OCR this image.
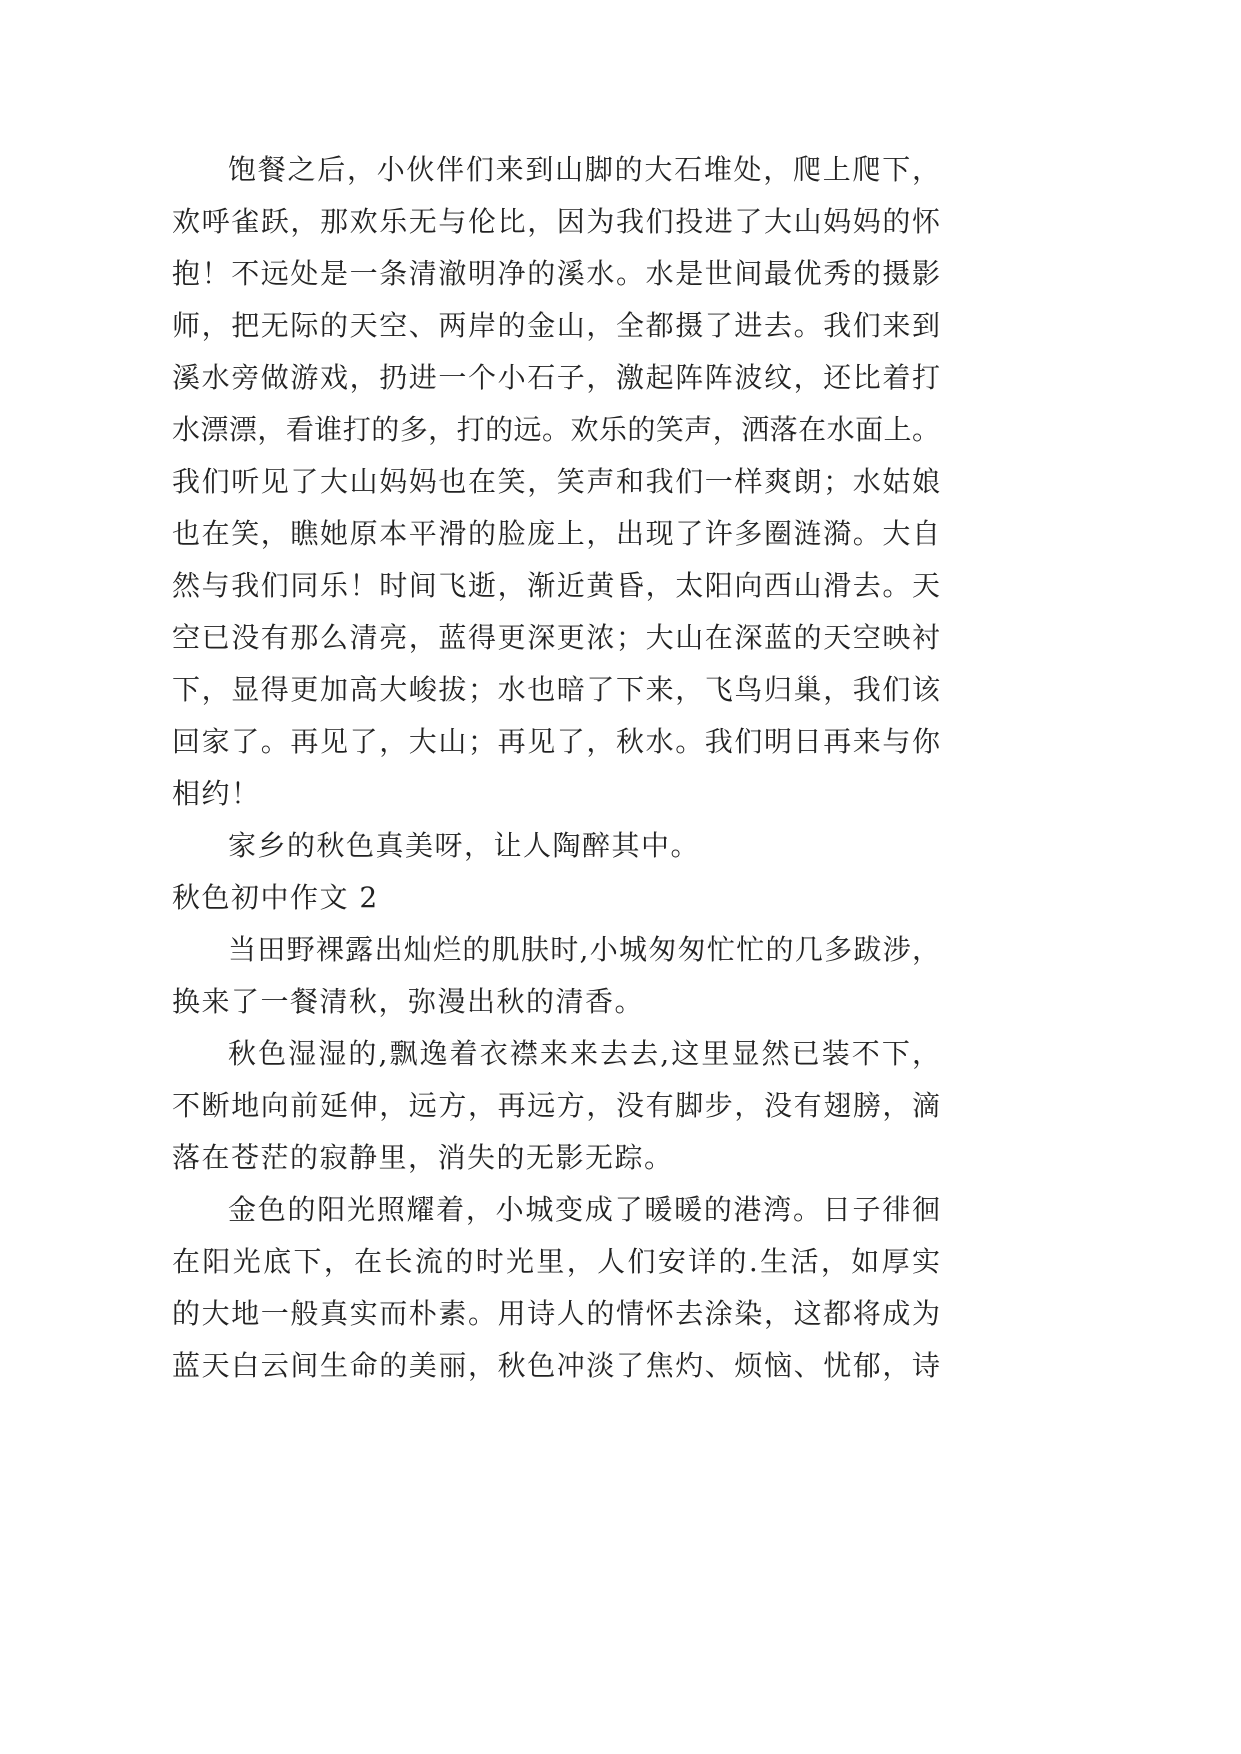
饱餐之后，小伙伴们来到山脚的大石堆处，爬上爬下，
欢呼雀跃，那欢乐无与伦比，因为我们投进了大山妈妈的怀
抱！不远处是一条清澈明净的溪水。水是世间最优秀的摄影
师，把无际的天空、两岸的金山，全都摄了进去。我们来到
溪水旁做游戏，扔进一个小石子，激起阵阵波纹，还比着打
水漂漂，看谁打的多，打的远。欢乐的笑声，洒落在水面上。
我们听见了大山妈妈也在笑，笑声和我们一样爽朗；水姑娘
也在笑，瞧她原本平滑的脸庞上，出现了许多圈涟漪。大自
然与我们同乐！时间飞逝，渐近黄昏，太阳向西山滑去。天
空已没有那么清亮，蓝得更深更浓；大山在深蓝的天空映衬
下，显得更加高大峻拔；水也暗了下来，飞鸟归巢，我们该
回家了。再见了，大山；再见了，秋水。我们明日再来与你
相约！
家乡的秋色真美呀，让人陶醉其中。
秋色初中作文 2
当田野裸露出灿烂的肌肤时,小城匆匆忙忙的几多跋涉，
换来了一餐清秋，弥漫出秋的清香。
秋色湿湿的,飘逸着衣襟来来去去,这里显然已装不下，
不断地向前延伸，远方，再远方，没有脚步，没有翅膀，滴
落在苍茫的寂静里，消失的无影无踪。
金色的阳光照耀着，小城变成了暖暖的港湾。日子徘徊
在阳光底下，在长流的时光里，人们安详的.生活，如厚实
的大地一般真实而朴素。用诗人的情怀去涂染，这都将成为
蓝天白云间生命的美丽，秋色冲淡了焦灼、烦恼、忧郁，诗
